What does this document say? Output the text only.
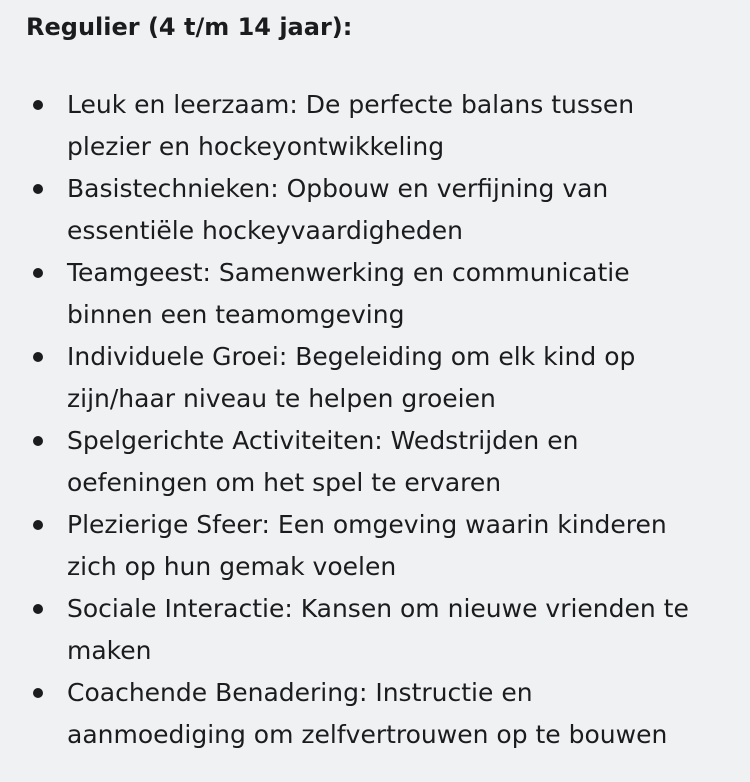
Regulier (4 t/m 14 jaar):
Leuk en leerzaam: De perfecte balans tussen
plezier en hockeyontwikkeling
Basistechnieken: Opbouw en verfijning van
essentiële hockeyvaardigheden
Teamgeest: Samenwerking en communicatie
binnen een teamomgeving
Individuele Groei: Begeleiding om elk kind op
zijn/haar niveau te helpen groeien
Spelgerichte Activiteiten: Wedstrijden en
oefeningen om het spel te ervaren
Plezierige Sfeer: Een omgeving waarin kinderen
zich op hun gemak voelen
Sociale Interactie: Kansen om nieuwe vrienden te
maken
Coachende Benadering: Instructie en
aanmoediging om zelfvertrouwen op te bouwen
